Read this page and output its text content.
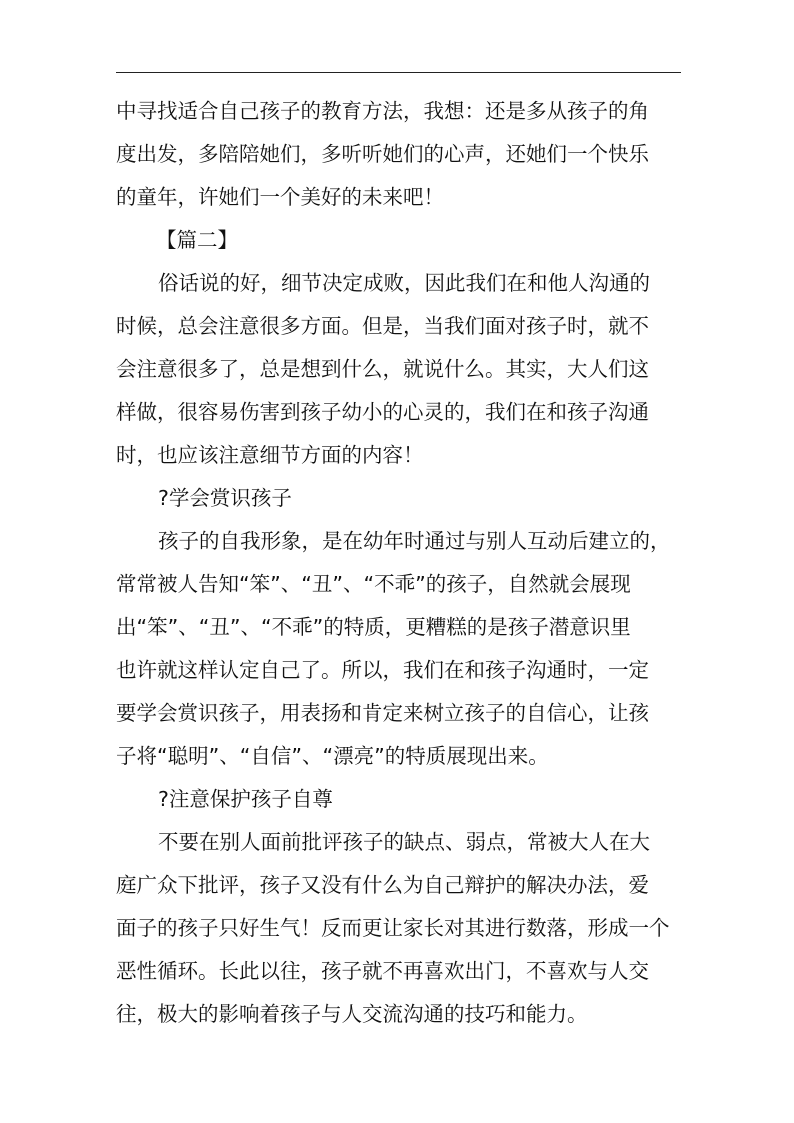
中寻找适合自己孩子的教育方法，我想：还是多从孩子的角
度出发，多陪陪她们，多听听她们的心声，还她们一个快乐
的童年，许她们一个美好的未来吧！
【篇二】
俗话说的好，细节决定成败，因此我们在和他人沟通的
时候，总会注意很多方面。但是，当我们面对孩子时，就不
会注意很多了，总是想到什么，就说什么。其实，大人们这
样做，很容易伤害到孩子幼小的心灵的，我们在和孩子沟通
时，也应该注意细节方面的内容！
?学会赏识孩子
孩子的自我形象，是在幼年时通过与别人互动后建立的，
常常被人告知“笨”、“丑”、“不乖”的孩子，自然就会展现
出“笨”、“丑”、“不乖”的特质，更糟糕的是孩子潜意识里
也许就这样认定自己了。所以，我们在和孩子沟通时，一定
要学会赏识孩子，用表扬和肯定来树立孩子的自信心，让孩
子将“聪明”、“自信”、“漂亮”的特质展现出来。
?注意保护孩子自尊
不要在别人面前批评孩子的缺点、弱点，常被大人在大
庭广众下批评，孩子又没有什么为自己辩护的解决办法，爱
面子的孩子只好生气！反而更让家长对其进行数落，形成一个
恶性循环。长此以往，孩子就不再喜欢出门，不喜欢与人交
往，极大的影响着孩子与人交流沟通的技巧和能力。
